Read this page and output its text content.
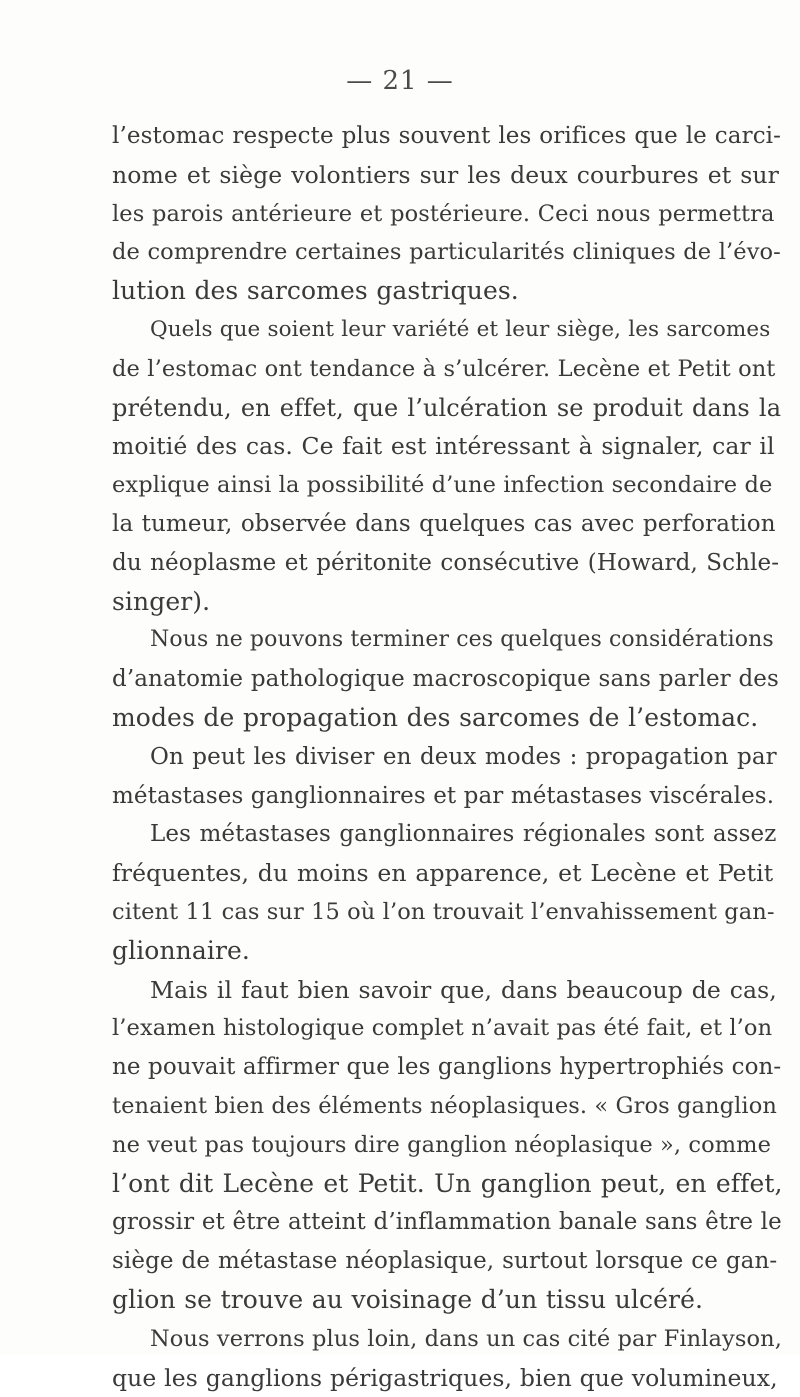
— 21 —
l’estomac respecte plus souvent les orifices que le carci-
nome et siège volontiers sur les deux courbures et sur
les parois antérieure et postérieure. Ceci nous permettra
de comprendre certaines particularités cliniques de l’évo-
lution des sarcomes gastriques.
Quels que soient leur variété et leur siège, les sarcomes
de l’estomac ont tendance à s’ulcérer. Lecène et Petit ont
prétendu, en effet, que l’ulcération se produit dans la
moitié des cas. Ce fait est intéressant à signaler, car il
explique ainsi la possibilité d’une infection secondaire de
la tumeur, observée dans quelques cas avec perforation
du néoplasme et péritonite consécutive (Howard, Schle-
singer).
Nous ne pouvons terminer ces quelques considérations
d’anatomie pathologique macroscopique sans parler des
modes de propagation des sarcomes de l’estomac.
On peut les diviser en deux modes : propagation par
métastases ganglionnaires et par métastases viscérales.
Les métastases ganglionnaires régionales sont assez
fréquentes, du moins en apparence, et Lecène et Petit
citent 11 cas sur 15 où l’on trouvait l’envahissement gan-
glionnaire.
Mais il faut bien savoir que, dans beaucoup de cas,
l’examen histologique complet n’avait pas été fait, et l’on
ne pouvait affirmer que les ganglions hypertrophiés con-
tenaient bien des éléments néoplasiques. « Gros ganglion
ne veut pas toujours dire ganglion néoplasique », comme
l’ont dit Lecène et Petit. Un ganglion peut, en effet,
grossir et être atteint d’inflammation banale sans être le
siège de métastase néoplasique, surtout lorsque ce gan-
glion se trouve au voisinage d’un tissu ulcéré.
Nous verrons plus loin, dans un cas cité par Finlayson,
que les ganglions périgastriques, bien que volumineux,
